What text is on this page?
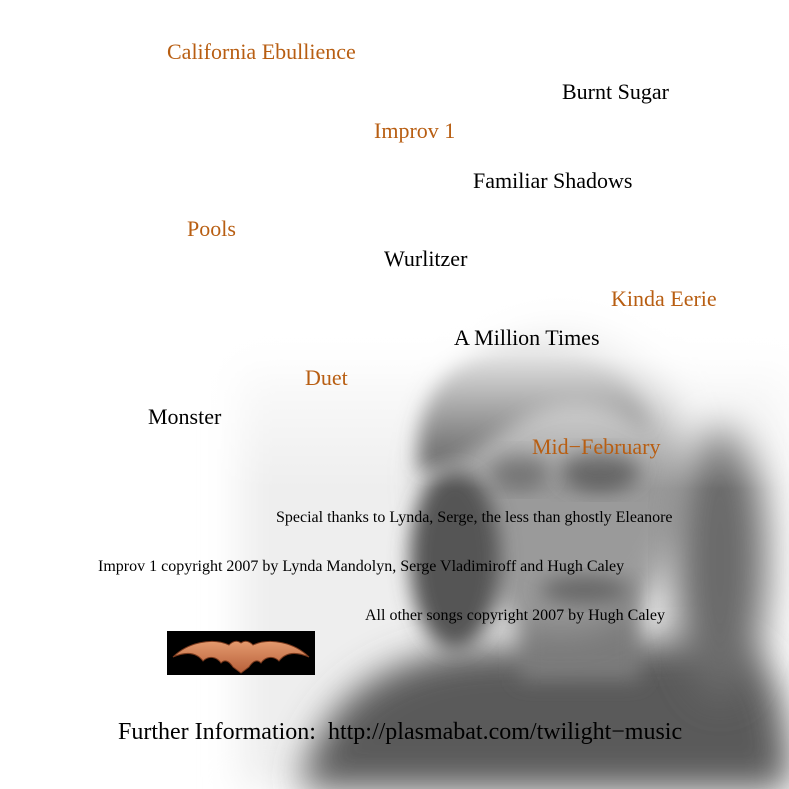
California Ebullience
Burnt Sugar
Improv 1
Familiar Shadows
Pools
Wurlitzer
Kinda Eerie
A Million Times
Duet
Monster
Mid−February
Special thanks to Lynda, Serge, the less than ghostly Eleanore
Improv 1 copyright 2007 by Lynda Mandolyn, Serge Vladimiroff and Hugh Caley
All other songs copyright 2007 by Hugh Caley
Further Information: http://plasmabat.com/twilight−music
